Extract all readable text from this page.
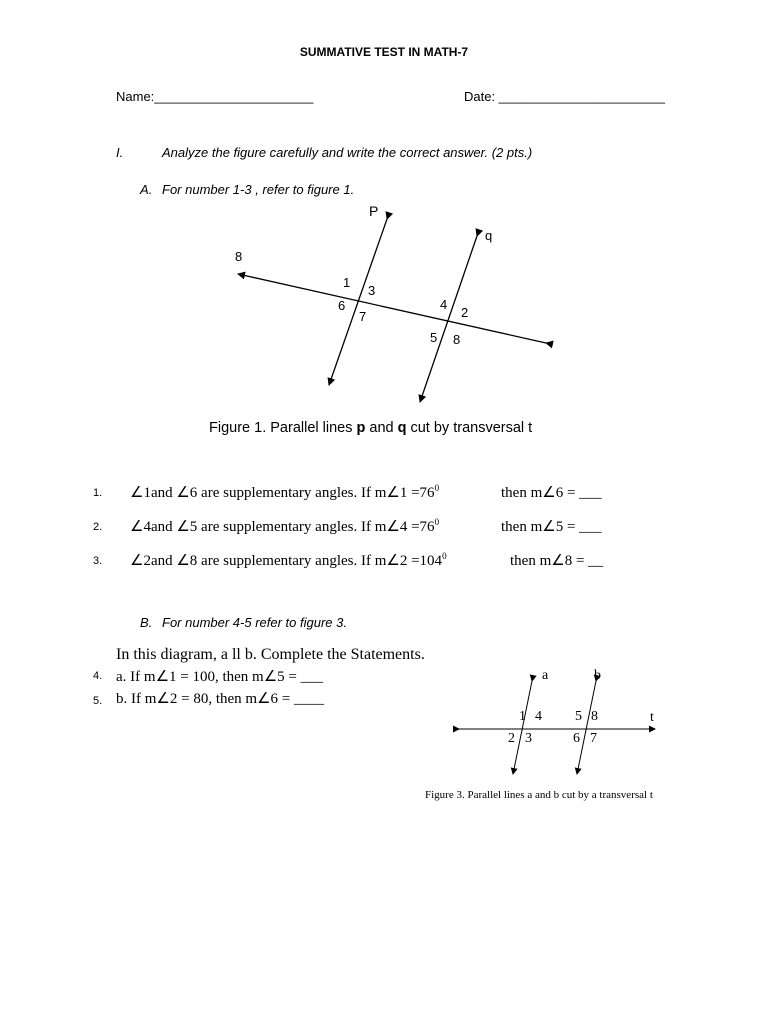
SUMMATIVE TEST IN MATH-7
Name:______________________	Date: _______________________
I.	Analyze the figure carefully and write the correct answer. (2 pts.)
A. For number 1-3 , refer to figure 1.
P
q
8
1
3
6
7
4
2
5 8
Figure 1. Parallel lines p and q cut by transversal t
1. ∠1and ∠6 are supplementary angles. If m∠1 $=76^0$	then m∠6 = ___
2. ∠4and ∠5 are supplementary angles. If m∠4 $=76^0$	then m∠5 = ___
3. ∠2and ∠8 are supplementary angles. If m∠2 $=104^0$	then m∠8 = __
B. For number 4-5 refer to figure 3.
In this diagram, a ll b. Complete the Statements.
4. a. If m∠1 = 100, then m∠5 = ___
5. b. If m∠2 = 80, then m∠6 = ____
a	b
t
1 4 5 8
2 3	6 7
Figure 3. Parallel lines a and b cut by a transversal t
